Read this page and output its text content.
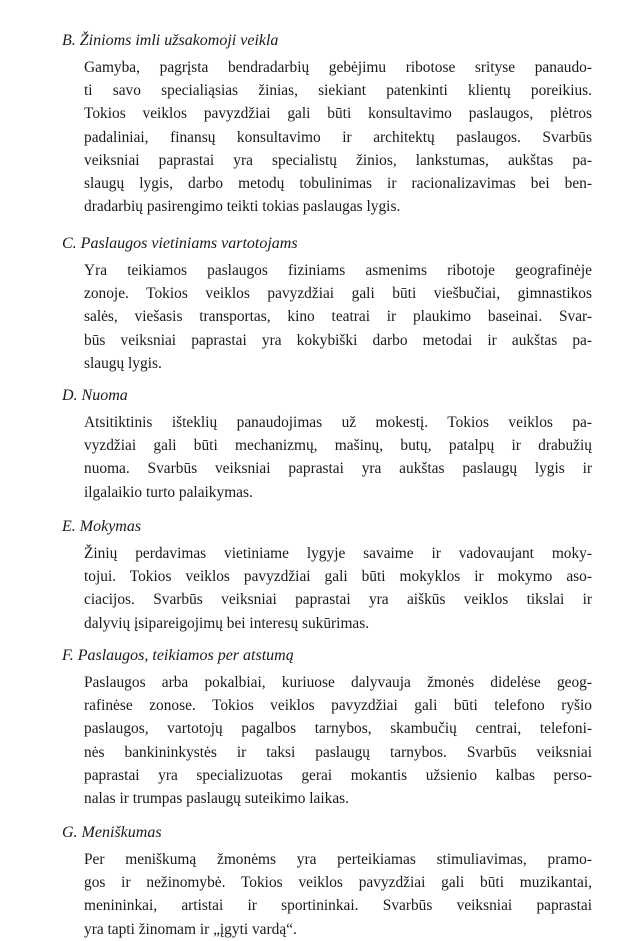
B. Žinioms imli užsakomoji veikla

Gamyba, pagrįsta bendradarbių gebėjimu ribotose srityse panaudo-
ti savo specialiąsias žinias, siekiant patenkinti klientų poreikius.
Tokios veiklos pavyzdžiai gali būti konsultavimo paslaugos, plėtros
padaliniai, finansų konsultavimo ir architektų paslaugos. Svarbūs
veiksniai paprastai yra specialistų žinios, lankstumas, aukštas pa-
slaugų lygis, darbo metodų tobulinimas ir racionalizavimas bei ben-
dradarbių pasirengimo teikti tokias paslaugas lygis.

C. Paslaugos vietiniams vartotojams

Yra teikiamos paslaugos fiziniams asmenims ribotoje geografinėje
zonoje. Tokios veiklos pavyzdžiai gali būti viešbučiai, gimnastikos
salės, viešasis transportas, kino teatrai ir plaukimo baseinai. Svar-
būs veiksniai paprastai yra kokybiški darbo metodai ir aukštas pa-
slaugų lygis.

D. Nuoma

Atsitiktinis išteklių panaudojimas už mokestį. Tokios veiklos pa-
vyzdžiai gali būti mechanizmų, mašinų, butų, patalpų ir drabužių
nuoma. Svarbūs veiksniai paprastai yra aukštas paslaugų lygis ir
ilgalaikio turto palaikymas.

E. Mokymas

Žinių perdavimas vietiniame lygyje savaime ir vadovaujant moky-
tojui. Tokios veiklos pavyzdžiai gali būti mokyklos ir mokymo aso-
ciacijos. Svarbūs veiksniai paprastai yra aiškūs veiklos tikslai ir
dalyvių įsipareigojimų bei interesų sukūrimas.

F. Paslaugos, teikiamos per atstumą

Paslaugos arba pokalbiai, kuriuose dalyvauja žmonės didelėse geog-
rafinėse zonose. Tokios veiklos pavyzdžiai gali būti telefono ryšio
paslaugos, vartotojų pagalbos tarnybos, skambučių centrai, telefoni-
nės bankininkystės ir taksi paslaugų tarnybos. Svarbūs veiksniai
paprastai yra specializuotas gerai mokantis užsienio kalbas perso-
nalas ir trumpas paslaugų suteikimo laikas.

G. Meniškumas

Per meniškumą žmonėms yra perteikiamas stimuliavimas, pramo-
gos ir nežinomybė. Tokios veiklos pavyzdžiai gali būti muzikantai,
menininkai, artistai ir sportininkai. Svarbūs veiksniai paprastai
yra tapti žinomam ir „įgyti vardą“.
